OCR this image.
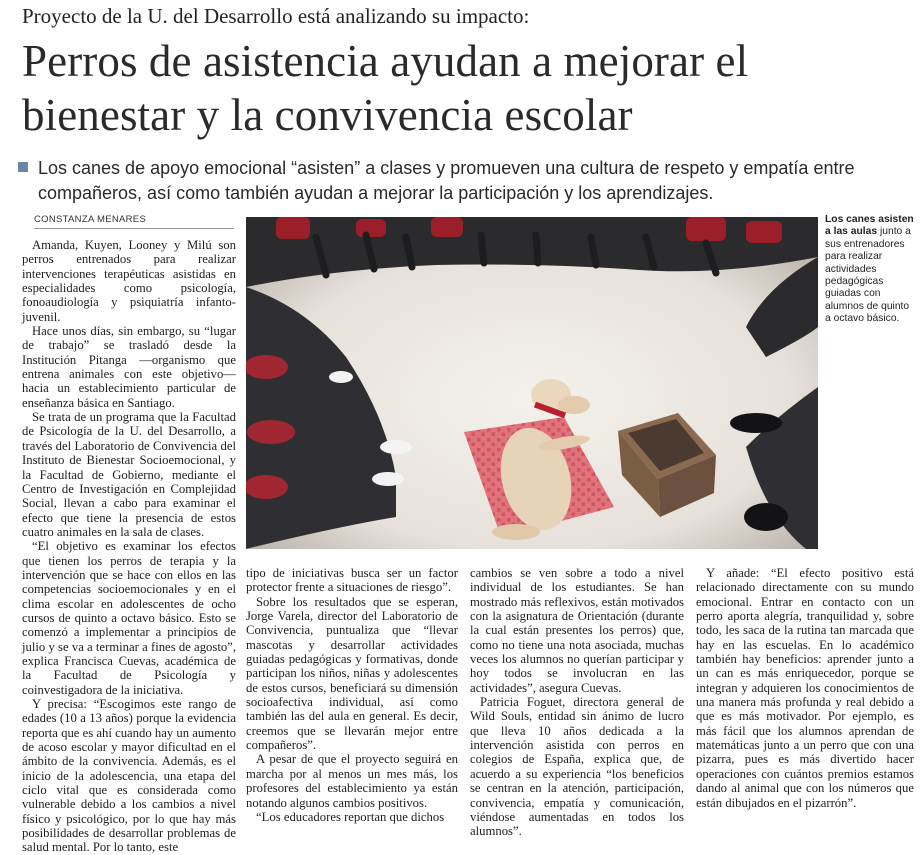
Proyecto de la U. del Desarrollo está analizando su impacto:
Perros de asistencia ayudan a mejorar el bienestar y la convivencia escolar
Los canes de apoyo emocional “asisten” a clases y promueven una cultura de respeto y empatía entre compañeros, así como también ayudan a mejorar la participación y los aprendizajes.
CONSTANZA MENARES

Amanda, Kuyen, Looney y Milú son perros entrenados para realizar intervenciones terapéuticas asistidas en especialidades como psicología, fonoaudiología y psiquiatría infanto-juvenil.

Hace unos días, sin embargo, su “lugar de trabajo” se trasladó desde la Institución Pitanga —organismo que entrena animales con este objetivo— hacia un establecimiento particular de enseñanza básica en Santiago.

Se trata de un programa que la Facultad de Psicología de la U. del Desarrollo, a través del Laboratorio de Convivencia del Instituto de Bienestar Socioemocional, y la Facultad de Gobierno, mediante el Centro de Investigación en Complejidad Social, llevan a cabo para examinar el efecto que tiene la presencia de estos cuatro animales en la sala de clases.

“El objetivo es examinar los efectos que tienen los perros de terapia y la intervención que se hace con ellos en las competencias socioemocionales y en el clima escolar en adolescentes de ocho cursos de quinto a octavo básico. Esto se comenzó a implementar a principios de julio y se va a terminar a fines de agosto”, explica Francisca Cuevas, académica de la Facultad de Psicología y coinvestigadora de la iniciativa.

Y precisa: “Escogimos este rango de edades (10 a 13 años) porque la evidencia reporta que es ahí cuando hay un aumento de acoso escolar y mayor dificultad en el ámbito de la convivencia. Además, es el inicio de la adolescencia, una etapa del ciclo vital que es considerada como vulnerable debido a los cambios a nivel físico y psicológico, por lo que hay más posibilidades de desarrollar problemas de salud mental. Por lo tanto, este

Los canes asisten a las aulas junto a sus entrenadores para realizar actividades pedagógicas guiadas con alumnos de quinto a octavo básico.

tipo de iniciativas busca ser un factor protector frente a situaciones de riesgo”.

Sobre los resultados que se esperan, Jorge Varela, director del Laboratorio de Convivencia, puntualiza que “llevar mascotas y desarrollar actividades guiadas pedagógicas y formativas, donde participan los niños, niñas y adolescentes de estos cursos, beneficiará su dimensión socioafectiva individual, así como también las del aula en general. Es decir, creemos que se llevarán mejor entre compañeros”.

A pesar de que el proyecto seguirá en marcha por al menos un mes más, los profesores del establecimiento ya están notando algunos cambios positivos.

“Los educadores reportan que dichos

cambios se ven sobre a todo a nivel individual de los estudiantes. Se han mostrado más reflexivos, están motivados con la asignatura de Orientación (durante la cual están presentes los perros) que, como no tiene una nota asociada, muchas veces los alumnos no querían participar y hoy todos se involucran en las actividades”, asegura Cuevas.

Patricia Foguet, directora general de Wild Souls, entidad sin ánimo de lucro que lleva 10 años dedicada a la intervención asistida con perros en colegios de España, explica que, de acuerdo a su experiencia “los beneficios se centran en la atención, participación, convivencia, empatía y comunicación, viéndose aumentadas en todos los alumnos”.

Y añade: “El efecto positivo está relacionado directamente con su mundo emocional. Entrar en contacto con un perro aporta alegría, tranquilidad y, sobre todo, les saca de la rutina tan marcada que hay en las escuelas. En lo académico también hay beneficios: aprender junto a un can es más enriquecedor, porque se integran y adquieren los conocimientos de una manera más profunda y real debido a que es más motivador. Por ejemplo, es más fácil que los alumnos aprendan de matemáticas junto a un perro que con una pizarra, pues es más divertido hacer operaciones con cuántos premios estamos dando al animal que con los números que están dibujados en el pizarrón”.
